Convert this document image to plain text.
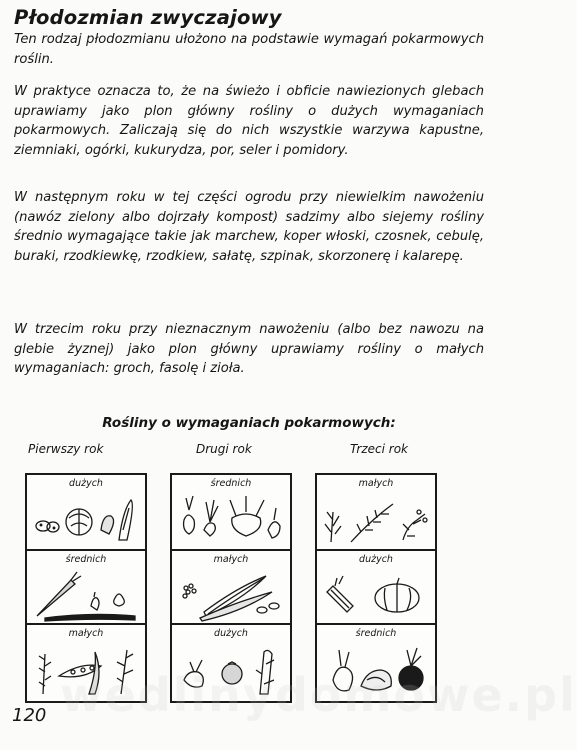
Płodozmian zwyczajowy

Ten rodzaj płodozmianu ułożono na podstawie wymagań pokarmowych roślin.

W praktyce oznacza to, że na świeżo i obficie nawiezionych glebach uprawiamy jako plon główny rośliny o dużych wymaganiach pokarmowych. Zaliczają się do nich wszystkie warzywa kapustne, ziemniaki, ogórki, kukurydza, por, seler i pomidory.

W następnym roku w tej części ogrodu przy niewielkim nawożeniu (nawóz zielony albo dojrzały kompost) sadzimy albo siejemy rośliny średnio wymagające takie jak marchew, koper włoski, czosnek, cebulę, buraki, rzodkiewkę, rzodkiew, sałatę, szpinak, skorzonerę i kalarepę.

W trzecim roku przy nieznacznym nawożeniu (albo bez nawozu na glebie żyznej) jako plon główny uprawiamy rośliny o małych wymaganiach: groch, fasolę i zioła.

Rośliny o wymaganiach pokarmowych:
Pierwszy rok	Drugi rok	Trzeci rok
dużych
średnich
małych
średnich
małych
dużych
małych
dużych
średnich
wedlinydomowe.pl
120
